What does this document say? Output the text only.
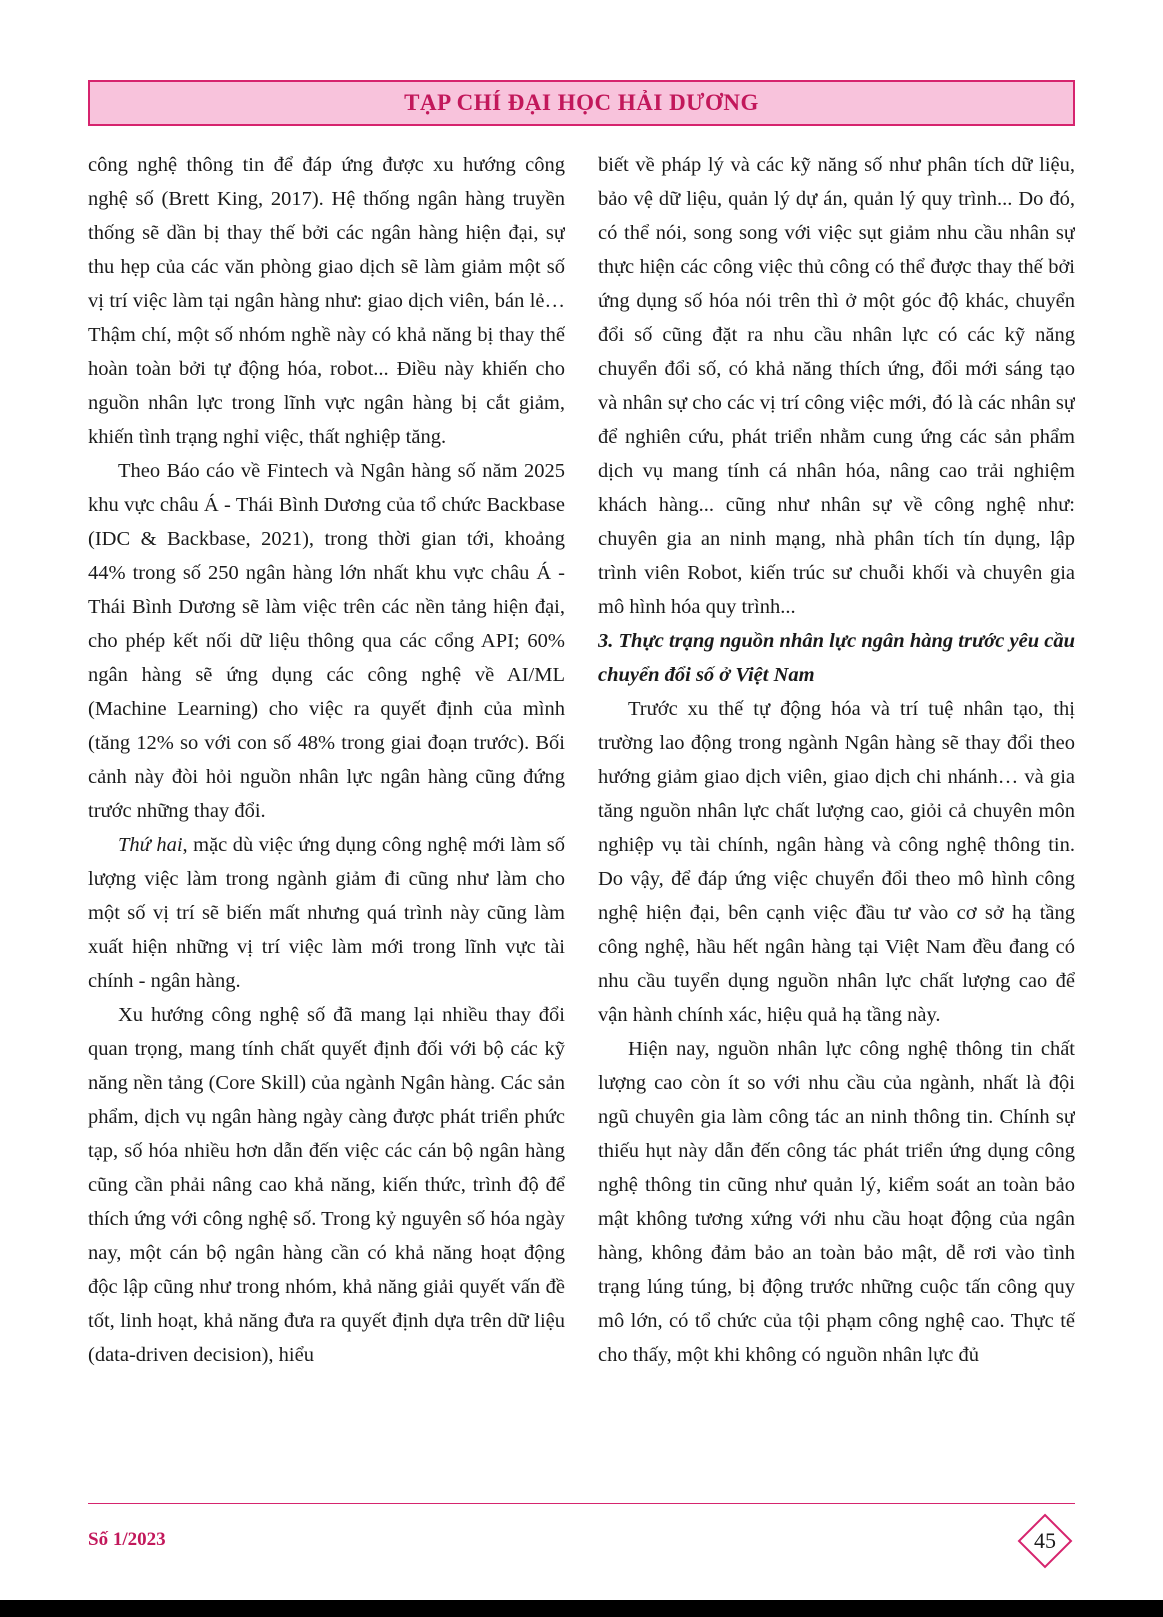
TẠP CHÍ ĐẠI HỌC HẢI DƯƠNG

công nghệ thông tin để đáp ứng được xu hướng công nghệ số (Brett King, 2017). Hệ thống ngân hàng truyền thống sẽ dần bị thay thế bởi các ngân hàng hiện đại, sự thu hẹp của các văn phòng giao dịch sẽ làm giảm một số vị trí việc làm tại ngân hàng như: giao dịch viên, bán lẻ… Thậm chí, một số nhóm nghề này có khả năng bị thay thế hoàn toàn bởi tự động hóa, robot... Điều này khiến cho nguồn nhân lực trong lĩnh vực ngân hàng bị cắt giảm, khiến tình trạng nghỉ việc, thất nghiệp tăng.

Theo Báo cáo về Fintech và Ngân hàng số năm 2025 khu vực châu Á - Thái Bình Dương của tổ chức Backbase (IDC & Backbase, 2021), trong thời gian tới, khoảng 44% trong số 250 ngân hàng lớn nhất khu vực châu Á - Thái Bình Dương sẽ làm việc trên các nền tảng hiện đại, cho phép kết nối dữ liệu thông qua các cổng API; 60% ngân hàng sẽ ứng dụng các công nghệ về AI/ML (Machine Learning) cho việc ra quyết định của mình (tăng 12% so với con số 48% trong giai đoạn trước). Bối cảnh này đòi hỏi nguồn nhân lực ngân hàng cũng đứng trước những thay đổi.

Thứ hai, mặc dù việc ứng dụng công nghệ mới làm số lượng việc làm trong ngành giảm đi cũng như làm cho một số vị trí sẽ biến mất nhưng quá trình này cũng làm xuất hiện những vị trí việc làm mới trong lĩnh vực tài chính - ngân hàng.

Xu hướng công nghệ số đã mang lại nhiều thay đổi quan trọng, mang tính chất quyết định đối với bộ các kỹ năng nền tảng (Core Skill) của ngành Ngân hàng. Các sản phẩm, dịch vụ ngân hàng ngày càng được phát triển phức tạp, số hóa nhiều hơn dẫn đến việc các cán bộ ngân hàng cũng cần phải nâng cao khả năng, kiến thức, trình độ để thích ứng với công nghệ số. Trong kỷ nguyên số hóa ngày nay, một cán bộ ngân hàng cần có khả năng hoạt động độc lập cũng như trong nhóm, khả năng giải quyết vấn đề tốt, linh hoạt, khả năng đưa ra quyết định dựa trên dữ liệu (data-driven decision), hiểu

biết về pháp lý và các kỹ năng số như phân tích dữ liệu, bảo vệ dữ liệu, quản lý dự án, quản lý quy trình... Do đó, có thể nói, song song với việc sụt giảm nhu cầu nhân sự thực hiện các công việc thủ công có thể được thay thế bởi ứng dụng số hóa nói trên thì ở một góc độ khác, chuyển đổi số cũng đặt ra nhu cầu nhân lực có các kỹ năng chuyển đổi số, có khả năng thích ứng, đổi mới sáng tạo và nhân sự cho các vị trí công việc mới, đó là các nhân sự để nghiên cứu, phát triển nhằm cung ứng các sản phẩm dịch vụ mang tính cá nhân hóa, nâng cao trải nghiệm khách hàng... cũng như nhân sự về công nghệ như: chuyên gia an ninh mạng, nhà phân tích tín dụng, lập trình viên Robot, kiến trúc sư chuỗi khối và chuyên gia mô hình hóa quy trình...

3. Thực trạng nguồn nhân lực ngân hàng trước yêu cầu chuyển đổi số ở Việt Nam

Trước xu thế tự động hóa và trí tuệ nhân tạo, thị trường lao động trong ngành Ngân hàng sẽ thay đổi theo hướng giảm giao dịch viên, giao dịch chi nhánh… và gia tăng nguồn nhân lực chất lượng cao, giỏi cả chuyên môn nghiệp vụ tài chính, ngân hàng và công nghệ thông tin. Do vậy, để đáp ứng việc chuyển đổi theo mô hình công nghệ hiện đại, bên cạnh việc đầu tư vào cơ sở hạ tầng công nghệ, hầu hết ngân hàng tại Việt Nam đều đang có nhu cầu tuyển dụng nguồn nhân lực chất lượng cao để vận hành chính xác, hiệu quả hạ tầng này.

Hiện nay, nguồn nhân lực công nghệ thông tin chất lượng cao còn ít so với nhu cầu của ngành, nhất là đội ngũ chuyên gia làm công tác an ninh thông tin. Chính sự thiếu hụt này dẫn đến công tác phát triển ứng dụng công nghệ thông tin cũng như quản lý, kiểm soát an toàn bảo mật không tương xứng với nhu cầu hoạt động của ngân hàng, không đảm bảo an toàn bảo mật, dễ rơi vào tình trạng lúng túng, bị động trước những cuộc tấn công quy mô lớn, có tổ chức của tội phạm công nghệ cao. Thực tế cho thấy, một khi không có nguồn nhân lực đủ

Số 1/2023	45
